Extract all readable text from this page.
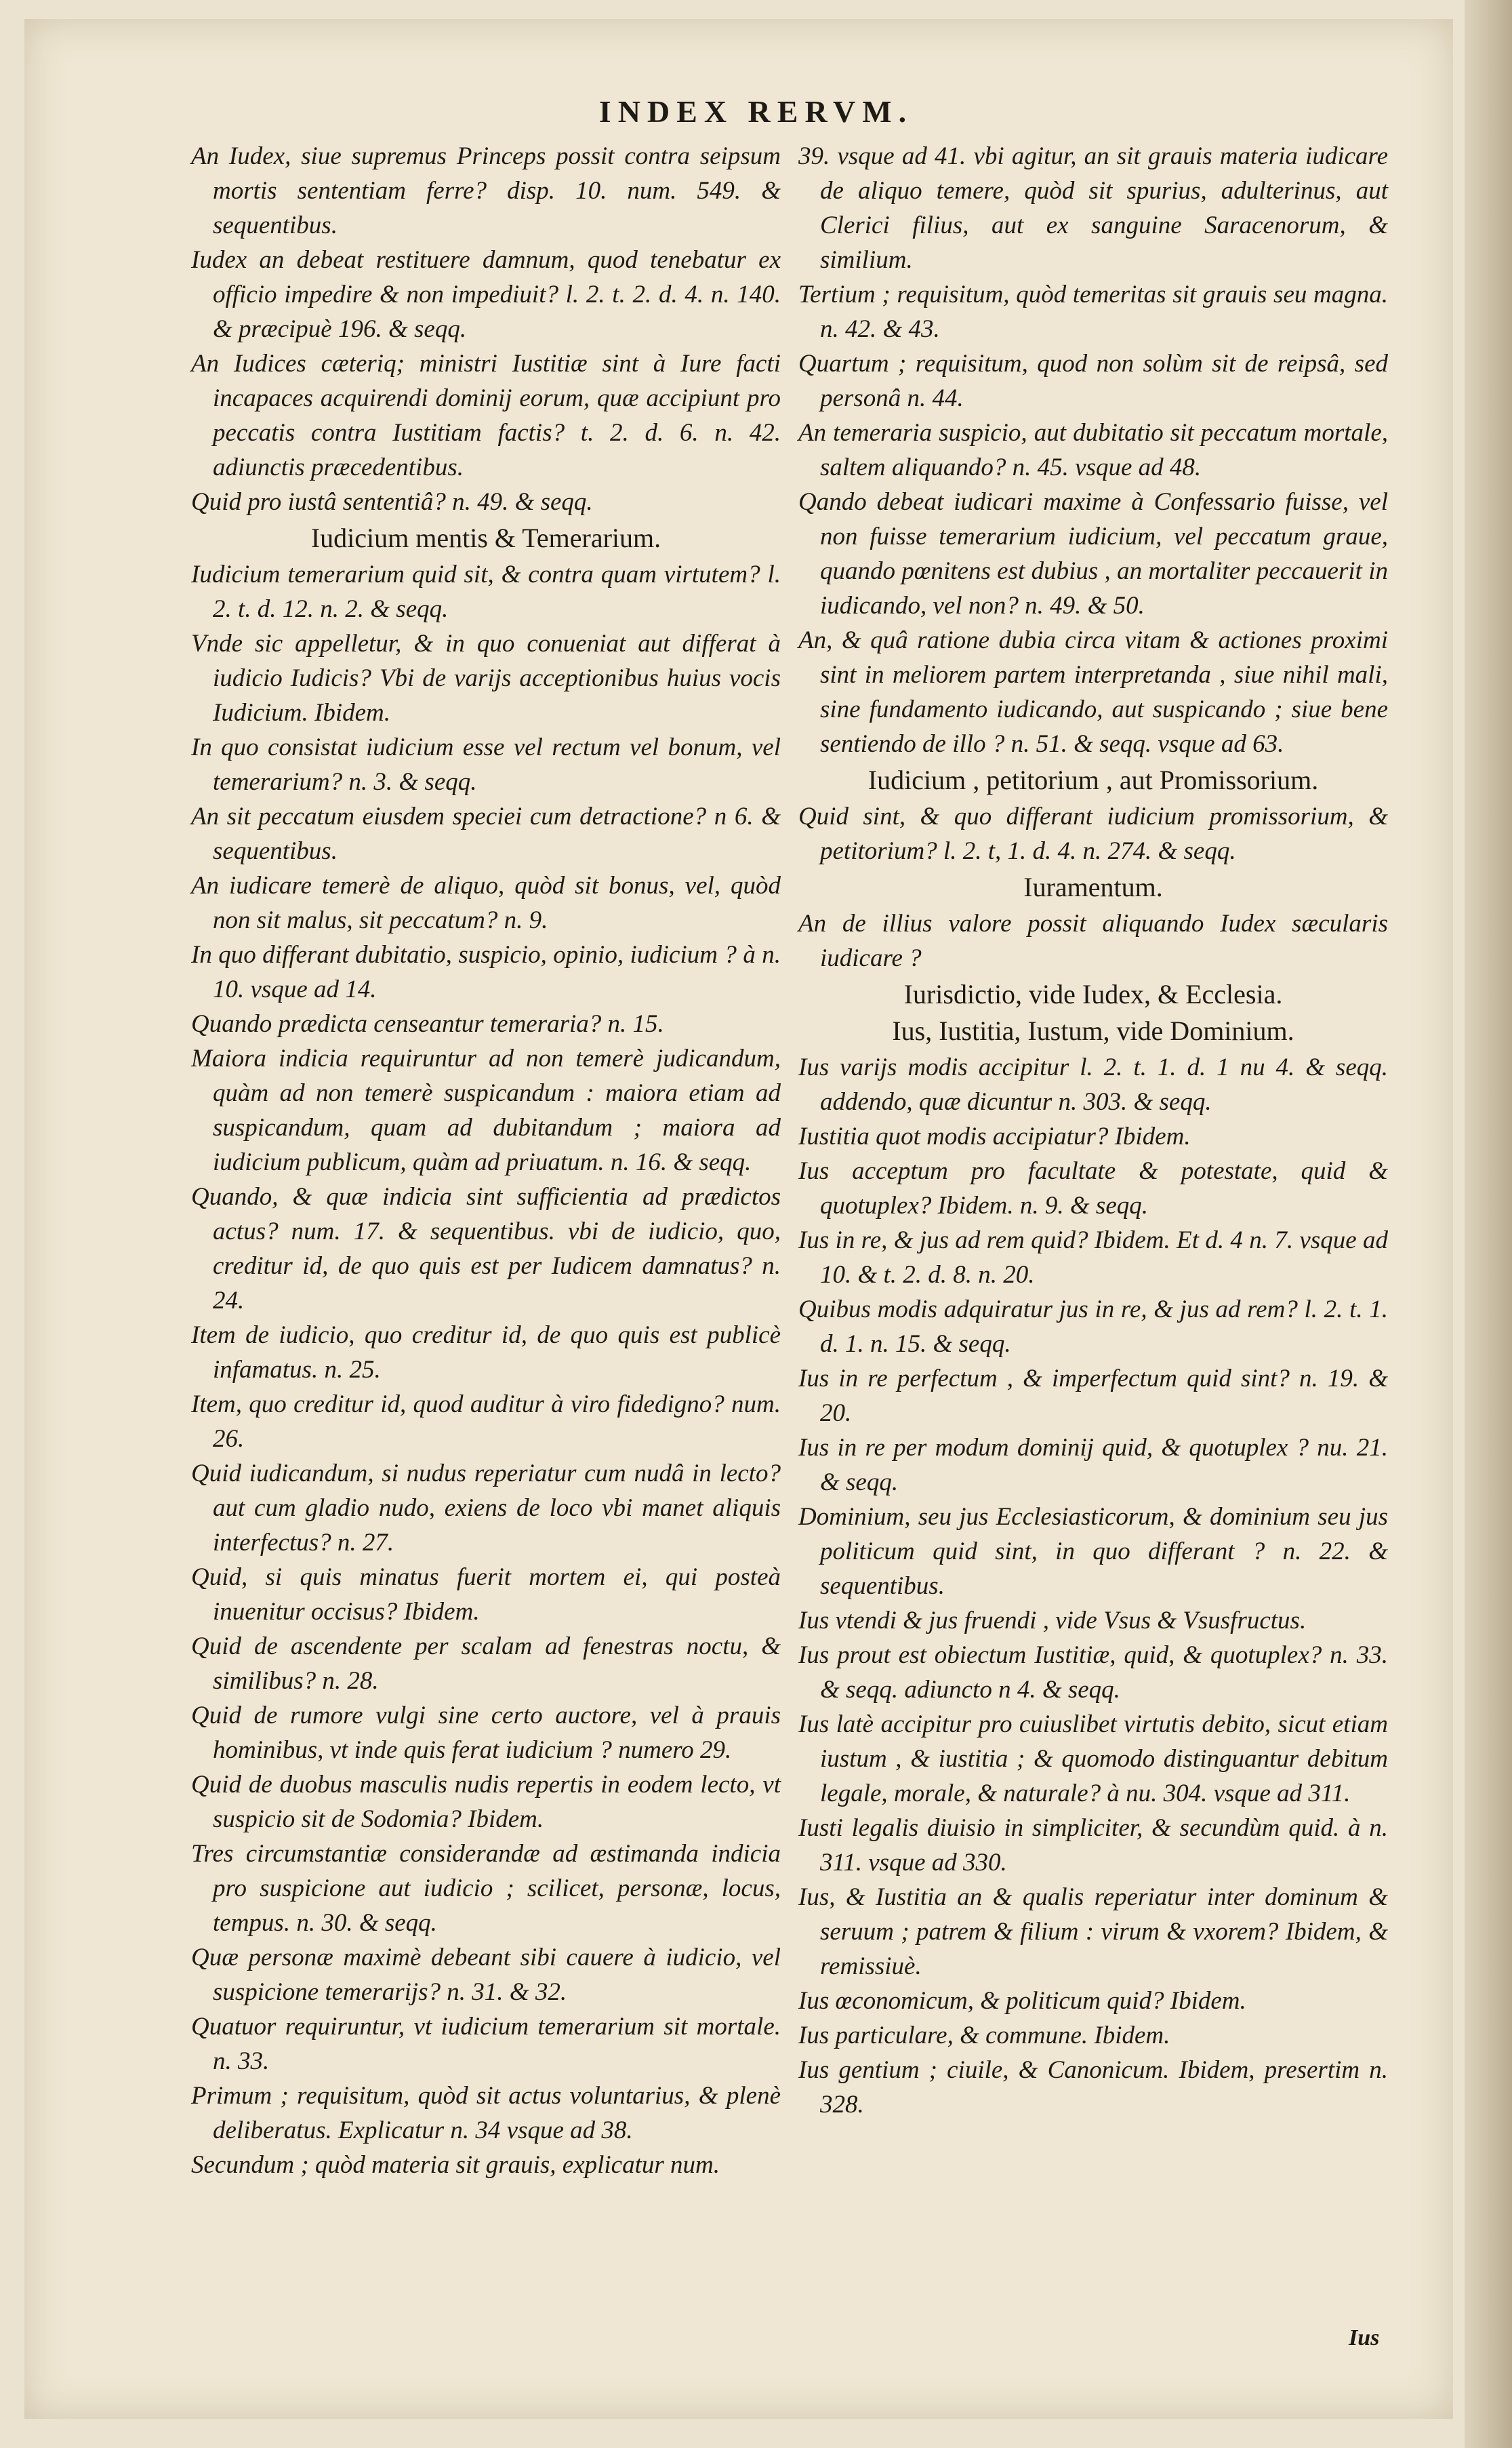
INDEX RERVM.

An Iudex, siue supremus Princeps possit contra seipsum mortis sententiam ferre? disp. 10. num. 549. & sequentibus.

Iudex an debeat restituere damnum, quod tenebatur ex officio impedire & non impediuit? l. 2. t. 2. d. 4. n. 140. & præcipuè 196. & seqq.

An Iudices cæteriq; ministri Iustitiæ sint à Iure facti incapaces acquirendi dominij eorum, quæ accipiunt pro peccatis contra Iustitiam factis? t. 2. d. 6. n. 42. adiunctis præcedentibus.

Quid pro iustâ sententiâ? n. 49. & seqq.

Iudicium mentis & Temerarium.

Iudicium temerarium quid sit, & contra quam virtutem? l. 2. t. d. 12. n. 2. & seqq.

Vnde sic appelletur, & in quo conueniat aut differat à iudicio Iudicis? Vbi de varijs acceptionibus huius vocis Iudicium. Ibidem.

In quo consistat iudicium esse vel rectum vel bonum, vel temerarium? n. 3. & seqq.

An sit peccatum eiusdem speciei cum detractione? n 6. & sequentibus.

An iudicare temerè de aliquo, quòd sit bonus, vel, quòd non sit malus, sit peccatum? n. 9.

In quo differant dubitatio, suspicio, opinio, iudicium ? à n. 10. vsque ad 14.

Quando prædicta censeantur temeraria? n. 15.

Maiora indicia requiruntur ad non temerè judicandum, quàm ad non temerè suspicandum : maiora etiam ad suspicandum, quam ad dubitandum ; maiora ad iudicium publicum, quàm ad priuatum. n. 16. & seqq.

Quando, & quæ indicia sint sufficientia ad prædictos actus? num. 17. & sequentibus. vbi de iudicio, quo, creditur id, de quo quis est per Iudicem damnatus? n. 24.

Item de iudicio, quo creditur id, de quo quis est publicè infamatus. n. 25.

Item, quo creditur id, quod auditur à viro fidedigno? num. 26.

Quid iudicandum, si nudus reperiatur cum nudâ in lecto? aut cum gladio nudo, exiens de loco vbi manet aliquis interfectus? n. 27.

Quid, si quis minatus fuerit mortem ei, qui posteà inuenitur occisus? Ibidem.

Quid de ascendente per scalam ad fenestras noctu, & similibus? n. 28.

Quid de rumore vulgi sine certo auctore, vel à prauis hominibus, vt inde quis ferat iudicium ? numero 29.

Quid de duobus masculis nudis repertis in eodem lecto, vt suspicio sit de Sodomia? Ibidem.

Tres circumstantiæ considerandæ ad æstimanda indicia pro suspicione aut iudicio ; scilicet, personæ, locus, tempus. n. 30. & seqq.

Quæ personæ maximè debeant sibi cauere à iudicio, vel suspicione temerarijs? n. 31. & 32.

Quatuor requiruntur, vt iudicium temerarium sit mortale. n. 33.

Primum ; requisitum, quòd sit actus voluntarius, & plenè deliberatus. Explicatur n. 34 vsque ad 38.

Secundum ; quòd materia sit grauis, explicatur num.

39. vsque ad 41. vbi agitur, an sit grauis materia iudicare de aliquo temere, quòd sit spurius, adulterinus, aut Clerici filius, aut ex sanguine Saracenorum, & similium.

Tertium ; requisitum, quòd temeritas sit grauis seu magna. n. 42. & 43.

Quartum ; requisitum, quod non solùm sit de reipsâ, sed personâ n. 44.

An temeraria suspicio, aut dubitatio sit peccatum mortale, saltem aliquando? n. 45. vsque ad 48.

Qando debeat iudicari maxime à Confessario fuisse, vel non fuisse temerarium iudicium, vel peccatum graue, quando pœnitens est dubius , an mortaliter peccauerit in iudicando, vel non? n. 49. & 50.

An, & quâ ratione dubia circa vitam & actiones proximi sint in meliorem partem interpretanda , siue nihil mali, sine fundamento iudicando, aut suspicando ; siue bene sentiendo de illo ? n. 51. & seqq. vsque ad 63.

Iudicium , petitorium , aut Promissorium.

Quid sint, & quo differant iudicium promissorium, & petitorium? l. 2. t, 1. d. 4. n. 274. & seqq.

Iuramentum.

An de illius valore possit aliquando Iudex sæcularis iudicare ?

Iurisdictio, vide Iudex, & Ecclesia.

Ius, Iustitia, Iustum, vide Dominium.

Ius varijs modis accipitur l. 2. t. 1. d. 1 nu 4. & seqq. addendo, quæ dicuntur n. 303. & seqq.

Iustitia quot modis accipiatur? Ibidem.

Ius acceptum pro facultate & potestate, quid & quotuplex? Ibidem. n. 9. & seqq.

Ius in re, & jus ad rem quid? Ibidem. Et d. 4 n. 7. vsque ad 10. & t. 2. d. 8. n. 20.

Quibus modis adquiratur jus in re, & jus ad rem? l. 2. t. 1. d. 1. n. 15. & seqq.

Ius in re perfectum , & imperfectum quid sint? n. 19. & 20.

Ius in re per modum dominij quid, & quotuplex ? nu. 21. & seqq.

Dominium, seu jus Ecclesiasticorum, & dominium seu jus politicum quid sint, in quo differant ? n. 22. & sequentibus.

Ius vtendi & jus fruendi , vide Vsus & Vsusfructus.

Ius prout est obiectum Iustitiæ, quid, & quotuplex? n. 33. & seqq. adiuncto n 4. & seqq.

Ius latè accipitur pro cuiuslibet virtutis debito, sicut etiam iustum , & iustitia ; & quomodo distinguantur debitum legale, morale, & naturale? à nu. 304. vsque ad 311.

Iusti legalis diuisio in simpliciter, & secundùm quid. à n. 311. vsque ad 330.

Ius, & Iustitia an & qualis reperiatur inter dominum & seruum ; patrem & filium : virum & vxorem? Ibidem, & remissiuè.

Ius œconomicum, & politicum quid? Ibidem.

Ius particulare, & commune. Ibidem.

Ius gentium ; ciuile, & Canonicum. Ibidem, presertim n. 328.

Ius
